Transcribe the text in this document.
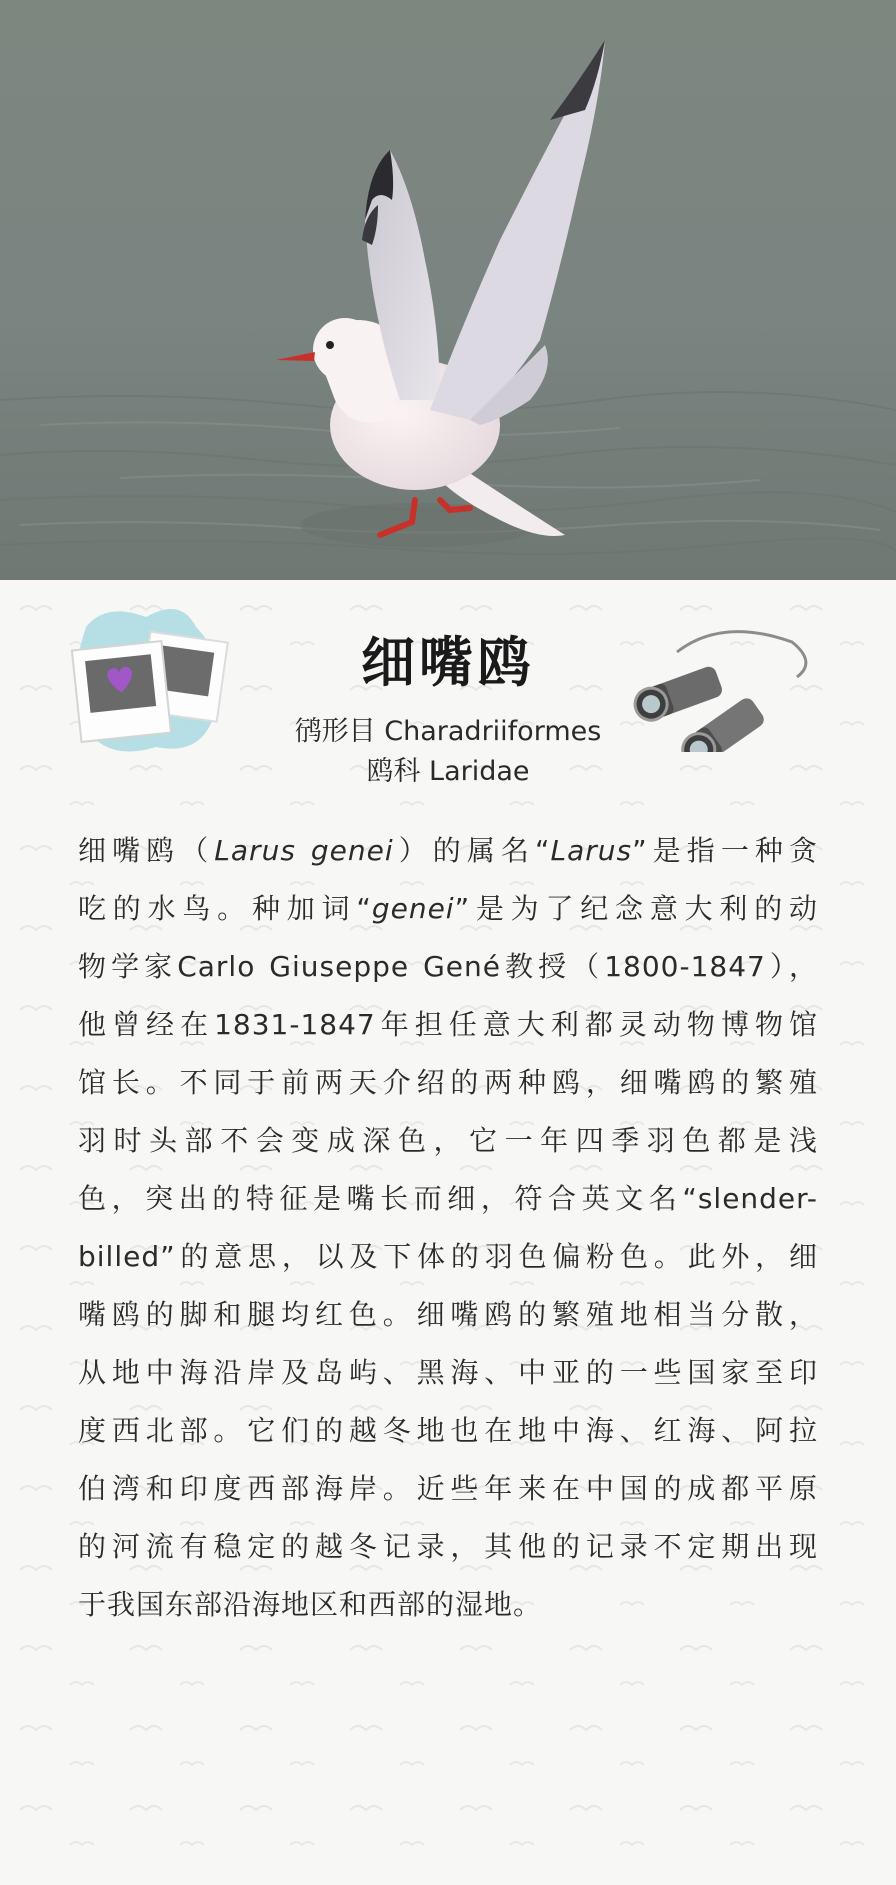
细嘴鸥
鸻形目 Charadriiformes
鸥科 Laridae
细嘴鸥（Larus genei）的属名“Larus”是指一种贪
吃的水鸟。种加词“genei”是为了纪念意大利的动
物学家Carlo Giuseppe Gené教授（1800-1847），
他曾经在1831-1847年担任意大利都灵动物博物馆
馆长。不同于前两天介绍的两种鸥，细嘴鸥的繁殖
羽时头部不会变成深色，它一年四季羽色都是浅
色，突出的特征是嘴长而细，符合英文名“slender-
billed”的意思，以及下体的羽色偏粉色。此外，细
嘴鸥的脚和腿均红色。细嘴鸥的繁殖地相当分散，
从地中海沿岸及岛屿、黑海、中亚的一些国家至印
度西北部。它们的越冬地也在地中海、红海、阿拉
伯湾和印度西部海岸。近些年来在中国的成都平原
的河流有稳定的越冬记录，其他的记录不定期出现
于我国东部沿海地区和西部的湿地。
